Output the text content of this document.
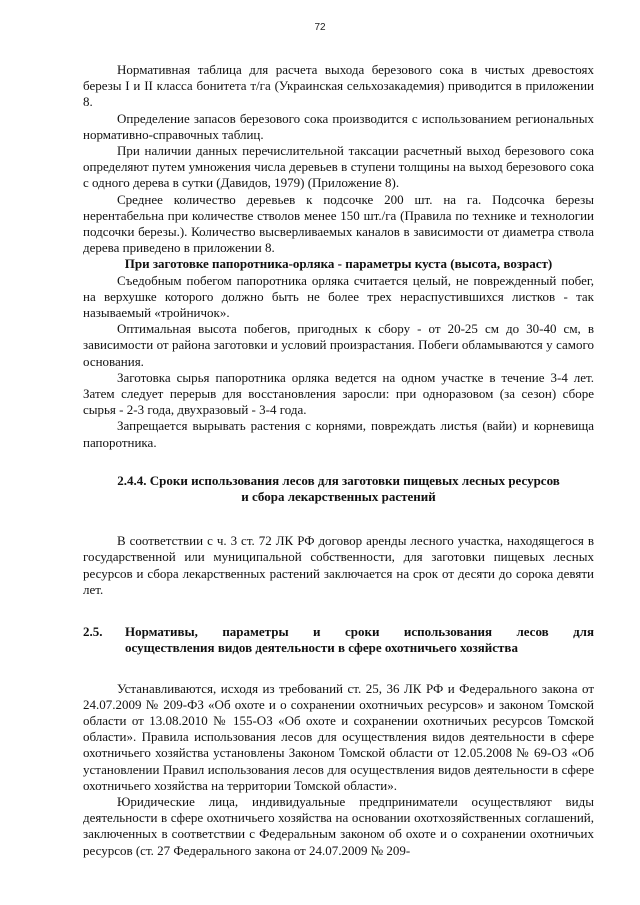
72

Нормативная таблица для расчета выхода березового сока в чистых древостоях березы I и II класса бонитета т/га (Украинская сельхозакадемия) приводится в приложении 8.

Определение запасов березового сока производится с использованием региональных нормативно-справочных таблиц.

При наличии данных перечислительной таксации расчетный выход березового сока определяют путем умножения числа деревьев в ступени толщины на выход березового сока с одного дерева в сутки (Давидов, 1979) (Приложение 8).

Среднее количество деревьев к подсочке 200 шт. на га. Подсочка березы нерентабельна при количестве стволов менее 150 шт./га (Правила по технике и технологии подсочки березы.). Количество высверливаемых каналов в зависимости от диаметра ствола дерева приведено в приложении 8.

При заготовке папоротника-орляка - параметры куста (высота, возраст)

Съедобным побегом папоротника орляка считается целый, не поврежденный побег, на верхушке которого должно быть не более трех нераспустившихся листков - так называемый «тройничок».

Оптимальная высота побегов, пригодных к сбору - от 20-25 см до 30-40 см, в зависимости от района заготовки и условий произрастания. Побеги обламываются у самого основания.

Заготовка сырья папоротника орляка ведется на одном участке в течение 3-4 лет. Затем следует перерыв для восстановления заросли: при одноразовом (за сезон) сборе сырья - 2-3 года, двухразовый - 3-4 года.

Запрещается вырывать растения с корнями, повреждать листья (вайи) и корневища папоротника.

2.4.4. Сроки использования лесов для заготовки пищевых лесных ресурсов
и сбора лекарственных растений

В соответствии с ч. 3 ст. 72 ЛК РФ договор аренды лесного участка, находящегося в государственной или муниципальной собственности, для заготовки пищевых лесных ресурсов и сбора лекарственных растений заключается на срок от десяти до сорока девяти лет.

2.5.	Нормативы, параметры и сроки использования лесов для
осуществления видов деятельности в сфере охотничьего хозяйства

Устанавливаются, исходя из требований ст. 25, 36 ЛК РФ и Федерального закона от 24.07.2009 № 209-ФЗ «Об охоте и о сохранении охотничьих ресурсов» и законом Томской области от 13.08.2010 № 155-ОЗ «Об охоте и сохранении охотничьих ресурсов Томской области». Правила использования лесов для осуществления видов деятельности в сфере охотничьего хозяйства установлены Законом Томской области от 12.05.2008 № 69-ОЗ «Об установлении Правил использования лесов для осуществления видов деятельности в сфере охотничьего хозяйства на территории Томской области».

Юридические лица, индивидуальные предприниматели осуществляют виды деятельности в сфере охотничьего хозяйства на основании охотхозяйственных соглашений, заключенных в соответствии с Федеральным законом об охоте и о сохранении охотничьих ресурсов (ст. 27 Федерального закона от 24.07.2009 № 209-
